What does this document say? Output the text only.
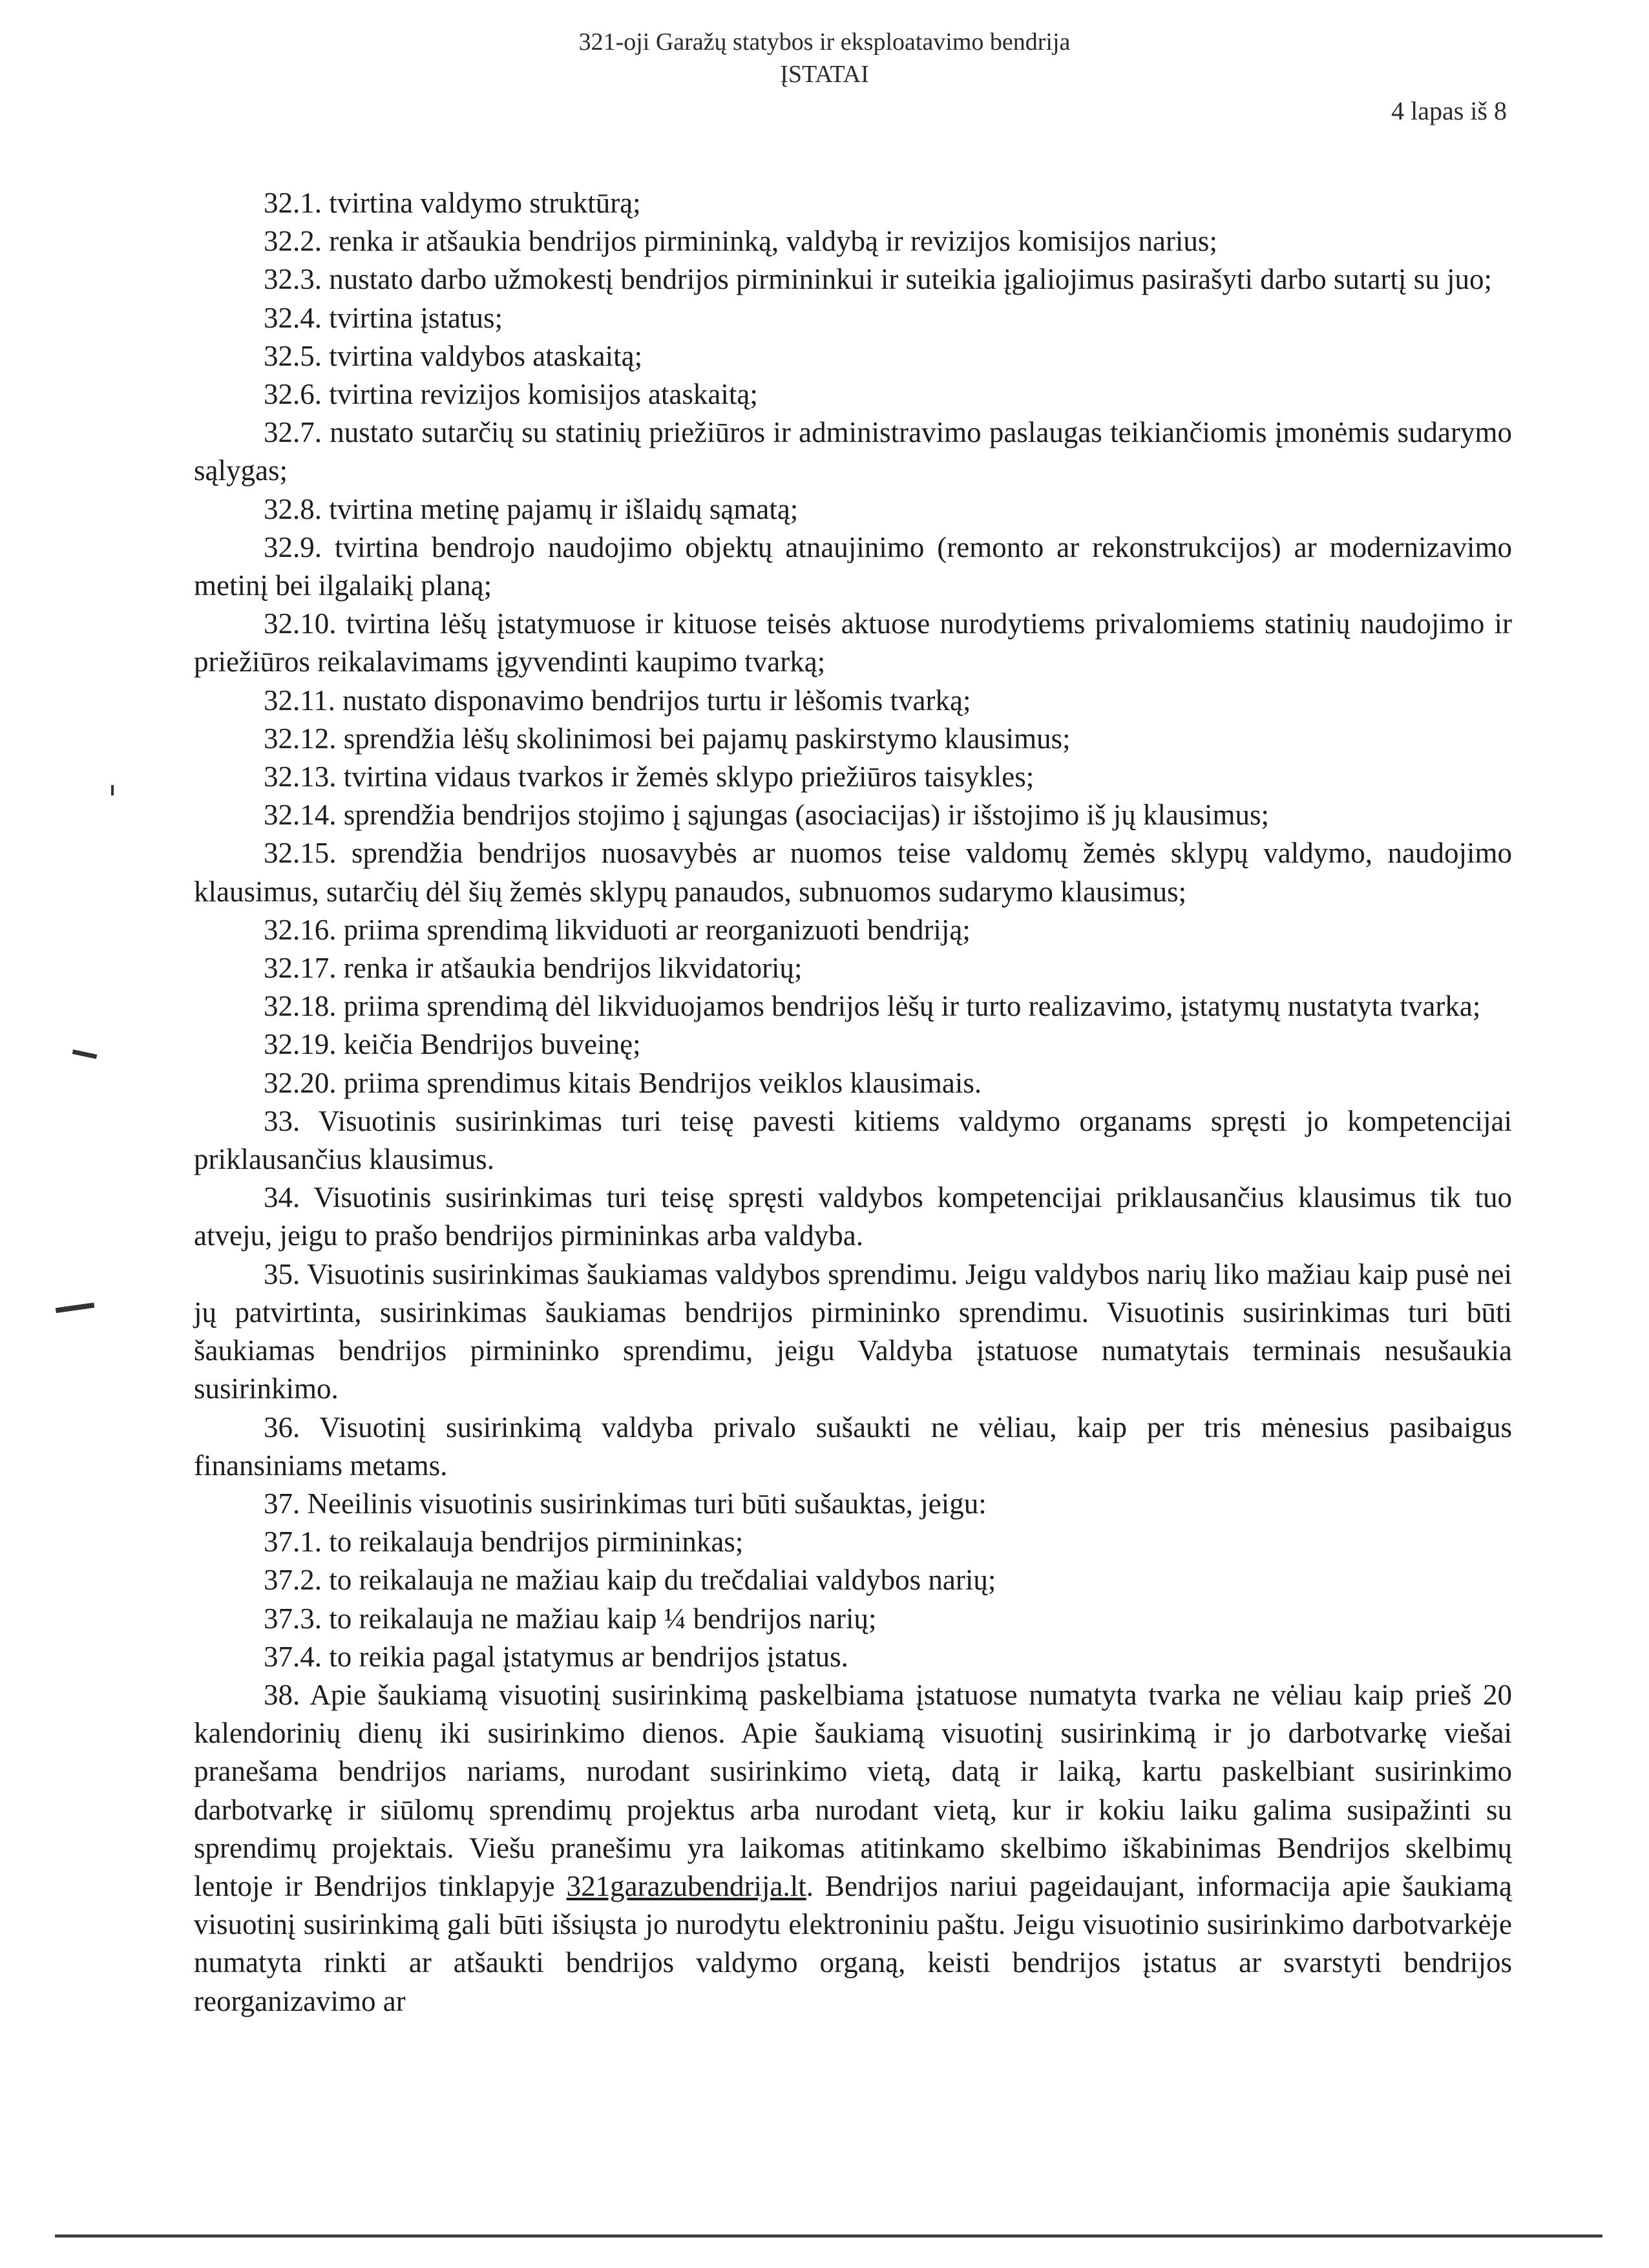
321-oji Garažų statybos ir eksploatavimo bendrija
ĮSTATAI
4 lapas iš 8

32.1. tvirtina valdymo struktūrą;

32.2. renka ir atšaukia bendrijos pirmininką, valdybą ir revizijos komisijos narius;

32.3. nustato darbo užmokestį bendrijos pirmininkui ir suteikia įgaliojimus pasirašyti darbo sutartį su juo;

32.4. tvirtina įstatus;

32.5. tvirtina valdybos ataskaitą;

32.6. tvirtina revizijos komisijos ataskaitą;

32.7. nustato sutarčių su statinių priežiūros ir administravimo paslaugas teikiančiomis įmonėmis sudarymo sąlygas;

32.8. tvirtina metinę pajamų ir išlaidų sąmatą;

32.9. tvirtina bendrojo naudojimo objektų atnaujinimo (remonto ar rekonstrukcijos) ar modernizavimo metinį bei ilgalaikį planą;

32.10. tvirtina lėšų įstatymuose ir kituose teisės aktuose nurodytiems privalomiems statinių naudojimo ir priežiūros reikalavimams įgyvendinti kaupimo tvarką;

32.11. nustato disponavimo bendrijos turtu ir lėšomis tvarką;

32.12. sprendžia lėšų skolinimosi bei pajamų paskirstymo klausimus;

32.13. tvirtina vidaus tvarkos ir žemės sklypo priežiūros taisykles;

32.14. sprendžia bendrijos stojimo į sąjungas (asociacijas) ir išstojimo iš jų klausimus;

32.15. sprendžia bendrijos nuosavybės ar nuomos teise valdomų žemės sklypų valdymo, naudojimo klausimus, sutarčių dėl šių žemės sklypų panaudos, subnuomos sudarymo klausimus;

32.16. priima sprendimą likviduoti ar reorganizuoti bendriją;

32.17. renka ir atšaukia bendrijos likvidatorių;

32.18. priima sprendimą dėl likviduojamos bendrijos lėšų ir turto realizavimo, įstatymų nustatyta tvarka;

32.19. keičia Bendrijos buveinę;

32.20. priima sprendimus kitais Bendrijos veiklos klausimais.

33. Visuotinis susirinkimas turi teisę pavesti kitiems valdymo organams spręsti jo kompetencijai priklausančius klausimus.

34. Visuotinis susirinkimas turi teisę spręsti valdybos kompetencijai priklausančius klausimus tik tuo atveju, jeigu to prašo bendrijos pirmininkas arba valdyba.

35. Visuotinis susirinkimas šaukiamas valdybos sprendimu. Jeigu valdybos narių liko mažiau kaip pusė nei jų patvirtinta, susirinkimas šaukiamas bendrijos pirmininko sprendimu. Visuotinis susirinkimas turi būti šaukiamas bendrijos pirmininko sprendimu, jeigu Valdyba įstatuose numatytais terminais nesušaukia susirinkimo.

36. Visuotinį susirinkimą valdyba privalo sušaukti ne vėliau, kaip per tris mėnesius pasibaigus finansiniams metams.

37. Neeilinis visuotinis susirinkimas turi būti sušauktas, jeigu:

37.1. to reikalauja bendrijos pirmininkas;

37.2. to reikalauja ne mažiau kaip du trečdaliai valdybos narių;

37.3. to reikalauja ne mažiau kaip ¼ bendrijos narių;

37.4. to reikia pagal įstatymus ar bendrijos įstatus.

38. Apie šaukiamą visuotinį susirinkimą paskelbiama įstatuose numatyta tvarka ne vėliau kaip prieš 20 kalendorinių dienų iki susirinkimo dienos. Apie šaukiamą visuotinį susirinkimą ir jo darbotvarkę viešai pranešama bendrijos nariams, nurodant susirinkimo vietą, datą ir laiką, kartu paskelbiant susirinkimo darbotvarkę ir siūlomų sprendimų projektus arba nurodant vietą, kur ir kokiu laiku galima susipažinti su sprendimų projektais. Viešu pranešimu yra laikomas atitinkamo skelbimo iškabinimas Bendrijos skelbimų lentoje ir Bendrijos tinklapyje 321garazubendrija.lt. Bendrijos nariui pageidaujant, informacija apie šaukiamą visuotinį susirinkimą gali būti išsiųsta jo nurodytu elektroniniu paštu. Jeigu visuotinio susirinkimo darbotvarkėje numatyta rinkti ar atšaukti bendrijos valdymo organą, keisti bendrijos įstatus ar svarstyti bendrijos reorganizavimo ar
